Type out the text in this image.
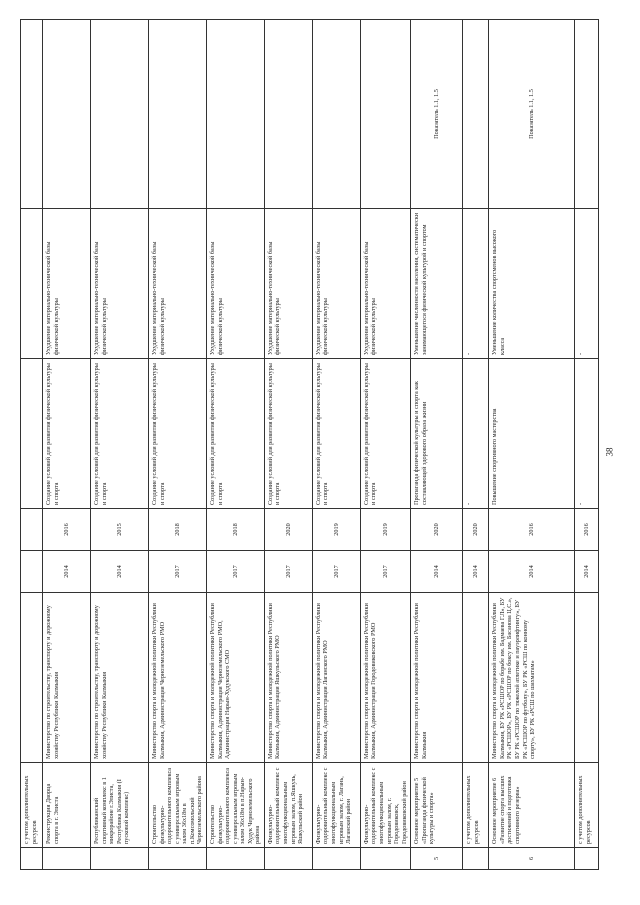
	с учетом дополнительных ресурсов						
	Реконструкция Дворца спорта в г. Элиста	Министерство по строительству, транспорту и дорожному хозяйству Республики Калмыкия	2014	2016	Создание условий для развития физической культуры и спорта	Ухудшение материально-технической базы физической культуры	
	Республиканский спортивный комплекс в 1 микрорайоне г.Элиста, Республика Калмыкия (I пусковой комплекс)	Министерство по строительству, транспорту и дорожному хозяйству Республики Калмыкия	2014	2015	Создание условий для развития физической культуры и спорта	Ухудшение материально-технической базы физической культуры	
	Строительство физкультурно-оздоровительного комплекса с универсальным игровым залом 36х18м в п.Комсомольский Черноземельского района	Министерство спорта и молодежной политики Республики Калмыкия, Администрация Черноземельского РМО	2017	2018	Создание условий для развития физической культуры и спорта	Ухудшение материально-технической базы физической культуры	
	Строительство физкультурно-оздоровительного комплекса с универсальным игровым залом 36х18м в п.Нарын-Худук Черноземельского района	Министерство спорта и молодежной политики Республики Калмыкия, Администрация Черноземельского РМО, Администрация Нарын-Худукского СМО	2017	2018	Создание условий для развития физической культуры и спорта	Ухудшение материально-технической базы физической культуры	
	Физкультурно-оздоровительный комплекс с многофункциональным игровым залом, п.Яшкуль, Яшкульский район	Министерство спорта и молодежной политики Республики Калмыкия, Администрация Яшкульского РМО	2017	2020	Создание условий для развития физической культуры и спорта	Ухудшение материально-технической базы физической культуры	
	Физкультурно-оздоровительный комплекс с многофункциональным игровым залом, г. Лагань, Лаганский район	Министерство спорта и молодежной политики Республики Калмыкия, Администрация Лаганского РМО	2017	2019	Создание условий для развития физической культуры и спорта	Ухудшение материально-технической базы физической культуры	
	Физкультурно-оздоровительный комплекс с многофункциональным игровым залом, г. Городовиковск, Городовиковский район	Министерство спорта и молодежной политики Республики Калмыкия, Администрация Городовиковского РМО	2017	2019	Создание условий для развития физической культуры и спорта	Ухудшение материально-технической базы физической культуры	
5	Основное мероприятие 5 «Пропаганда физической культуры и спорта»	Министерство спорта и молодежной политики Республики Калмыкия	2014	2020	Пропаганда физической культуры и спорта как составляющей здорового образа жизни	Уменьшение численности населения, систематически занимающегося физической культурой и спортом	Показатель 1.1, 1.5
	с учетом дополнительных ресурсов		2014	2020	-	-	
6	Основное мероприятие 6 «Развитие спорта высших достижений и подготовка спортивного резерва»	Министерство спорта и молодежной политики Республики Калмыкия, БУ РК «РСШОР по борьбе им. Бадмаева Г.Л», БУ РК «РСШОР», БУ РК «РСШОР по боксу им. Басанова Ц.С.», БУ РК «РСШОР по тяжелой атлетике и пауэрлифтингу», БУ РК «РСШОР по футболу», БУ РК «РСШ по конному спорту», БУ РК «РСШ по шахматам»	2014	2016	Повышение спортивного мастерства	Уменьшение количества спортсменов высокого класса	Показатель 1.1, 1.5
	с учетом дополнительных ресурсов		2014	2016	-	-	
38
